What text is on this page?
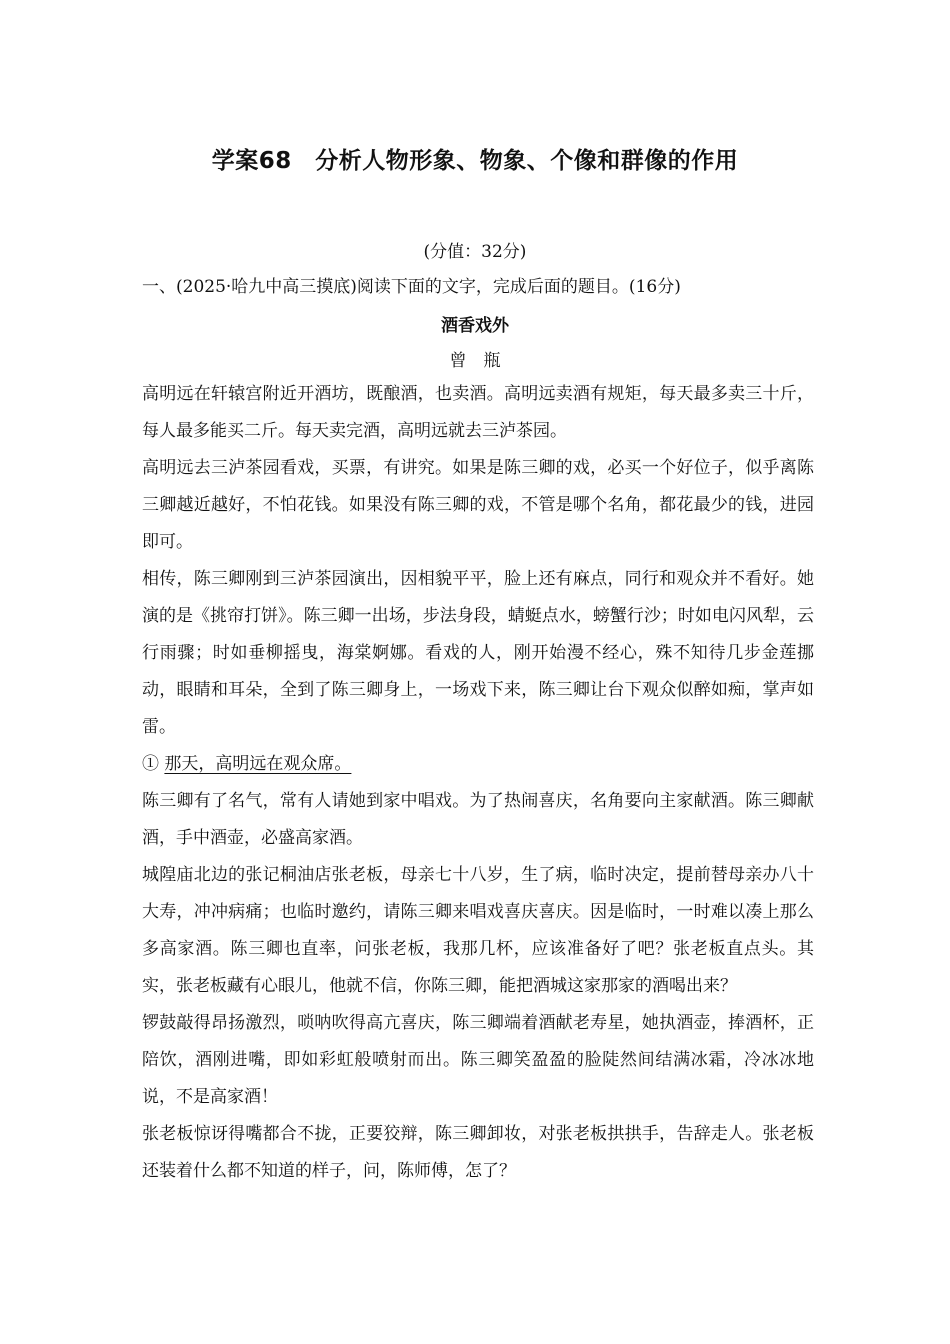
学案68　分析人物形象、物象、个像和群像的作用
(分值：32分)
一、(2025·哈九中高三摸底)阅读下面的文字，完成后面的题目。(16分)
酒香戏外
曾　瓶

高明远在轩辕宫附近开酒坊，既酿酒，也卖酒。高明远卖酒有规矩，每天最多卖三十斤，每人最多能买二斤。每天卖完酒，高明远就去三泸茶园。

高明远去三泸茶园看戏，买票，有讲究。如果是陈三卿的戏，必买一个好位子，似乎离陈三卿越近越好，不怕花钱。如果没有陈三卿的戏，不管是哪个名角，都花最少的钱，进园即可。

相传，陈三卿刚到三泸茶园演出，因相貌平平，脸上还有麻点，同行和观众并不看好。她演的是《挑帘打饼》。陈三卿一出场，步法身段，蜻蜓点水，螃蟹行沙；时如电闪风犁，云行雨骤；时如垂柳摇曳，海棠婀娜。看戏的人，刚开始漫不经心，殊不知待几步金莲挪动，眼睛和耳朵，全到了陈三卿身上，一场戏下来，陈三卿让台下观众似醉如痴，掌声如雷。

① 那天，高明远在观众席。

陈三卿有了名气，常有人请她到家中唱戏。为了热闹喜庆，名角要向主家献酒。陈三卿献酒，手中酒壶，必盛高家酒。

城隍庙北边的张记桐油店张老板，母亲七十八岁，生了病，临时决定，提前替母亲办八十大寿，冲冲病痛；也临时邀约，请陈三卿来唱戏喜庆喜庆。因是临时，一时难以凑上那么多高家酒。陈三卿也直率，问张老板，我那几杯，应该准备好了吧？张老板直点头。其实，张老板藏有心眼儿，他就不信，你陈三卿，能把酒城这家那家的酒喝出来？

锣鼓敲得昂扬激烈，唢呐吹得高亢喜庆，陈三卿端着酒献老寿星，她执酒壶，捧酒杯，正陪饮，酒刚进嘴，即如彩虹般喷射而出。陈三卿笑盈盈的脸陡然间结满冰霜，冷冰冰地说，不是高家酒！

张老板惊讶得嘴都合不拢，正要狡辩，陈三卿卸妆，对张老板拱拱手，告辞走人。张老板还装着什么都不知道的样子，问，陈师傅，怎了？
